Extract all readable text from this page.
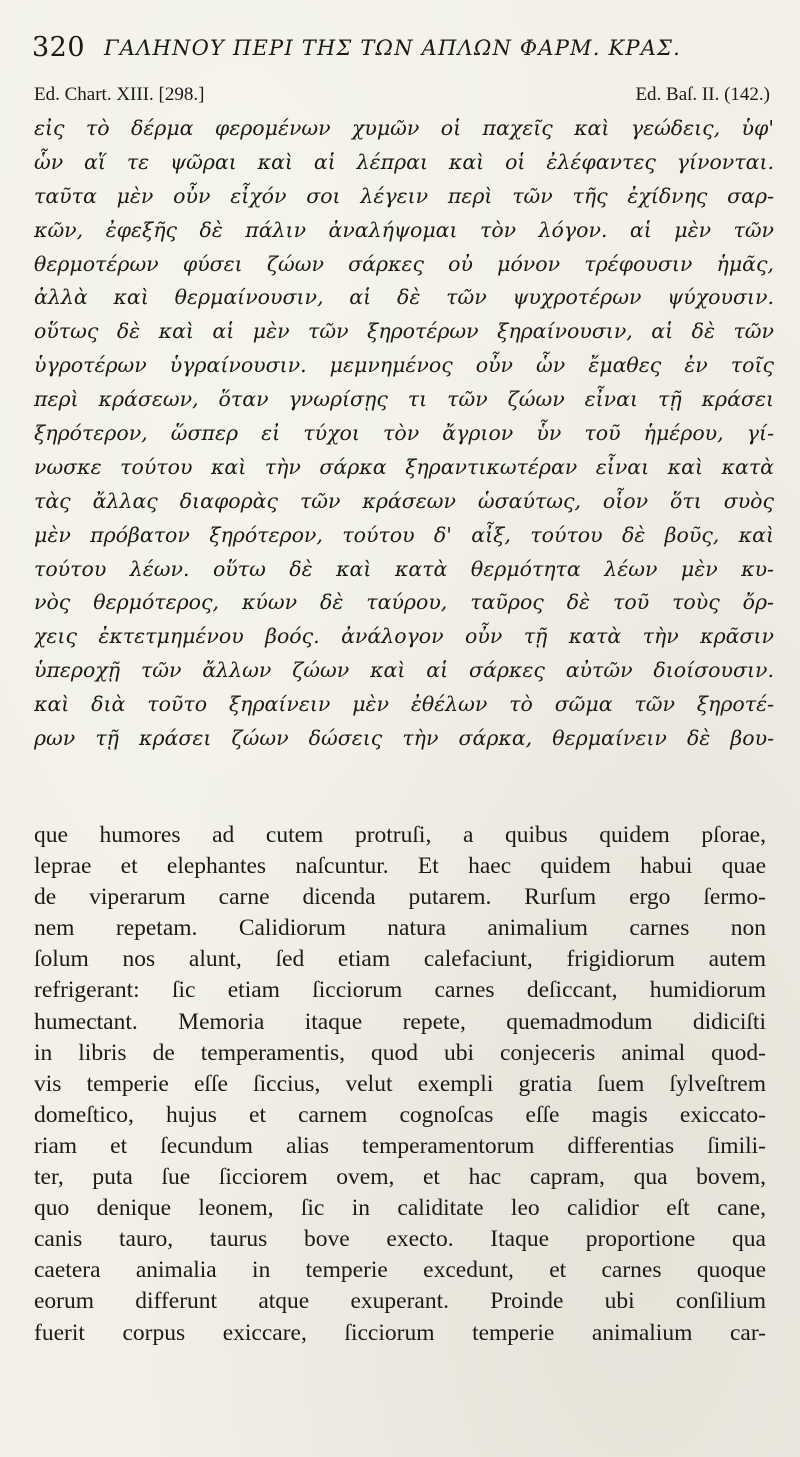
320 ΓΑΛΗΝΟΥ ΠΕΡΙ ΤΗΣ ΤΩΝ ΑΠΛΩΝ ΦΑΡΜ. ΚΡΑΣ.
Ed. Chart. XIII. [298.]	Ed. Baſ. II. (142.)
εἰς τὸ δέρμα φερομένων χυμῶν οἱ παχεῖς καὶ γεώδεις, ὑφ'
ὧν αἵ τε ψῶραι καὶ αἱ λέπραι καὶ οἱ ἐλέφαντες γίνονται.
ταῦτα μὲν οὖν εἶχόν σοι λέγειν περὶ τῶν τῆς ἐχίδνης σαρ-
κῶν, ἐφεξῆς δὲ πάλιν ἀναλήψομαι τὸν λόγον. αἱ μὲν τῶν
θερμοτέρων φύσει ζώων σάρκες οὐ μόνον τρέφουσιν ἡμᾶς,
ἀλλὰ καὶ θερμαίνουσιν, αἱ δὲ τῶν ψυχροτέρων ψύχουσιν.
οὕτως δὲ καὶ αἱ μὲν τῶν ξηροτέρων ξηραίνουσιν, αἱ δὲ τῶν
ὑγροτέρων ὑγραίνουσιν. μεμνημένος οὖν ὧν ἔμαθες ἐν τοῖς
περὶ κράσεων, ὅταν γνωρίσῃς τι τῶν ζώων εἶναι τῇ κράσει
ξηρότερον, ὥσπερ εἰ τύχοι τὸν ἄγριον ὗν τοῦ ἡμέρου, γί-
νωσκε τούτου καὶ τὴν σάρκα ξηραντικωτέραν εἶναι καὶ κατὰ
τὰς ἄλλας διαφορὰς τῶν κράσεων ὡσαύτως, οἷον ὅτι συὸς
μὲν πρόβατον ξηρότερον, τούτου δ' αἶξ, τούτου δὲ βοῦς, καὶ
τούτου λέων. οὕτω δὲ καὶ κατὰ θερμότητα λέων μὲν κυ-
νὸς θερμότερος, κύων δὲ ταύρου, ταῦρος δὲ τοῦ τοὺς ὄρ-
χεις ἐκτετμημένου βοός. ἀνάλογον οὖν τῇ κατὰ τὴν κρᾶσιν
ὑπεροχῇ τῶν ἄλλων ζώων καὶ αἱ σάρκες αὐτῶν διοίσουσιν.
καὶ διὰ τοῦτο ξηραίνειν μὲν ἐθέλων τὸ σῶμα τῶν ξηροτέ-
ρων τῇ κράσει ζώων δώσεις τὴν σάρκα, θερμαίνειν δὲ βου-
que humores ad cutem protruſi, a quibus quidem pſorae,
leprae et elephantes naſcuntur. Et haec quidem habui quae
de viperarum carne dicenda putarem. Rurſum ergo ſermo-
nem repetam. Calidiorum natura animalium carnes non
ſolum nos alunt, ſed etiam calefaciunt, frigidiorum autem
refrigerant: ſic etiam ſicciorum carnes deſiccant, humidiorum
humectant. Memoria itaque repete, quemadmodum didiciſti
in libris de temperamentis, quod ubi conjeceris animal quod-
vis temperie eſſe ſiccius, velut exempli gratia ſuem ſylveſtrem
domeſtico, hujus et carnem cognoſcas eſſe magis exiccato-
riam et ſecundum alias temperamentorum differentias ſimili-
ter, puta ſue ſicciorem ovem, et hac capram, qua bovem,
quo denique leonem, ſic in caliditate leo calidior eſt cane,
canis tauro, taurus bove execto. Itaque proportione qua
caetera animalia in temperie excedunt, et carnes quoque
eorum differunt atque exuperant. Proinde ubi conſilium
fuerit corpus exiccare, ſicciorum temperie animalium car-
